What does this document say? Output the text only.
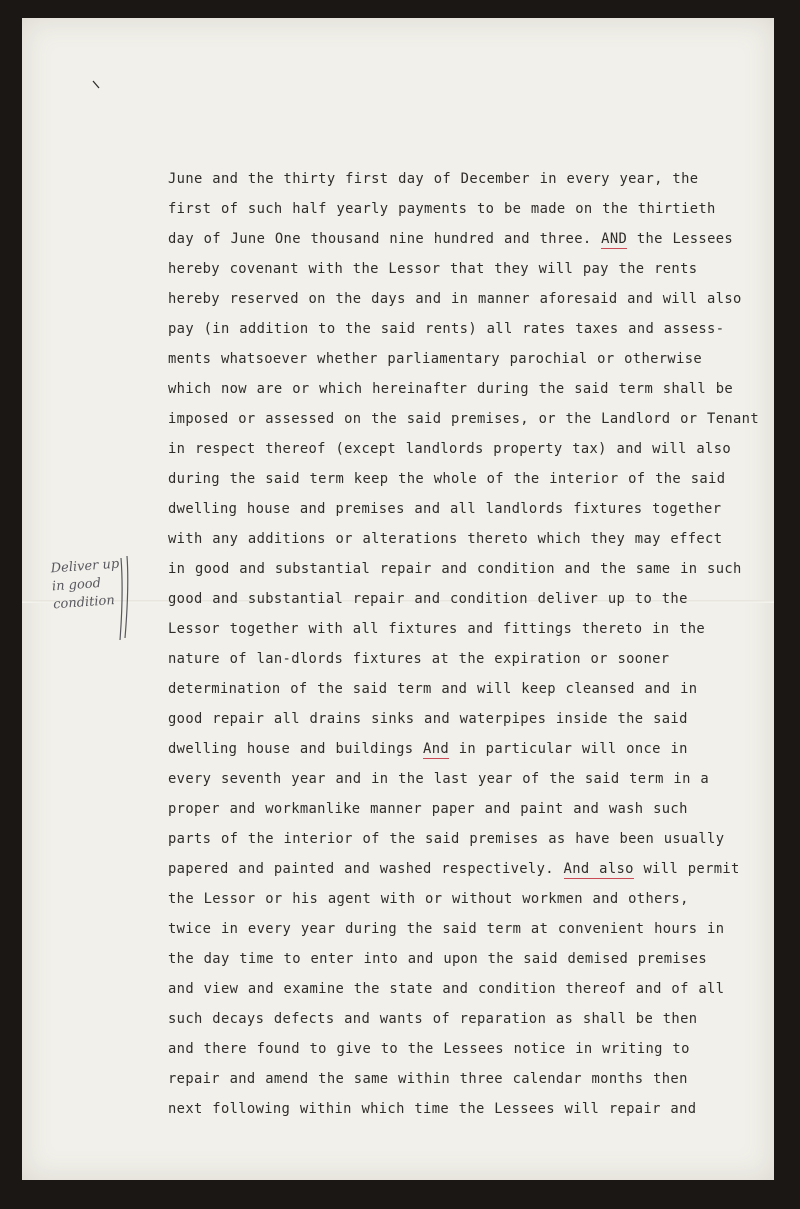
June and the thirty first day of December in every year, the
first of such half yearly payments to be made on the thirtieth
day of June One thousand nine hundred and three. AND the Lessees
hereby covenant with the Lessor that they will pay the rents
hereby reserved on the days and in manner aforesaid and will also
pay (in addition to the said rents) all rates taxes and assess-
ments whatsoever whether parliamentary parochial or otherwise
which now are or which hereinafter during the said term shall be
imposed or assessed on the said premises, or the Landlord or Tenant
in respect thereof (except landlords property tax) and will also
during the said term keep the whole of the interior of the said
dwelling house and premises and all landlords fixtures together
with any additions or alterations thereto which they may effect
in good and substantial repair and condition and the same in such
good and substantial repair and condition deliver up to the
Lessor together with all fixtures and fittings thereto in the
nature of lan-dlords fixtures at the expiration or sooner
determination of the said term and will keep cleansed and in
good repair all drains sinks and waterpipes inside the said
dwelling house and buildings And in particular will once in
every seventh year and in the last year of the said term in a
proper and workmanlike manner paper and paint and wash such
parts of the interior of the said premises as have been usually
papered and painted and washed respectively. And also will permit
the Lessor or his agent with or without workmen and others,
twice in every year during the said term at convenient hours in
the day time to enter into and upon the said demised premises
and view and examine the state and condition thereof and of all
such decays defects and wants of reparation as shall be then
and there found to give to the Lessees notice in writing to
repair and amend the same within three calendar months then
next following within which time the Lessees will repair and
Deliver up
in good
condition
